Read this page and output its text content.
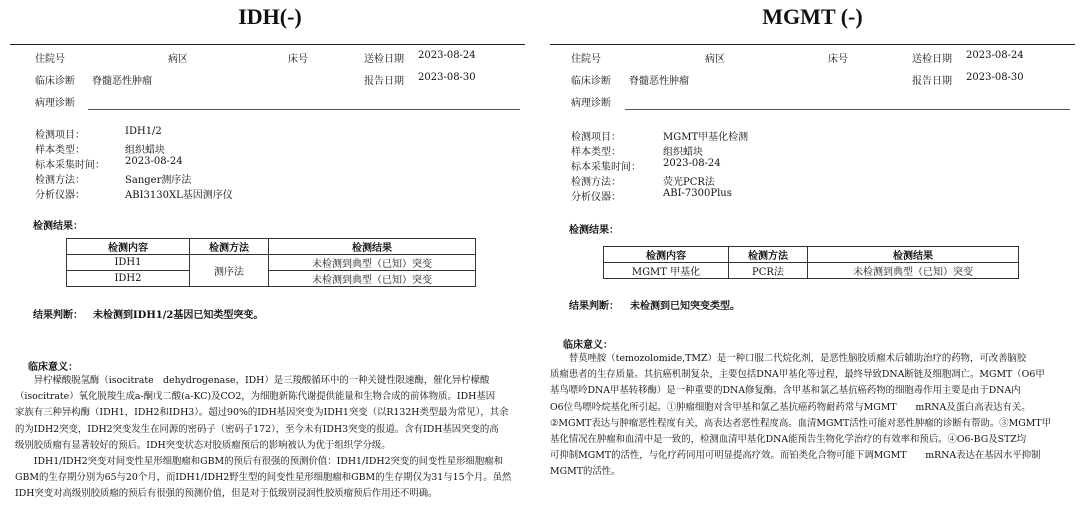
IDH(-)
住院号	病区	床号	送检日期 2023-08-24
临床诊断 脊髓恶性肿瘤	报告日期 2023-08-30
病理诊断
检测项目：	IDH1/2
样本类型：	组织蜡块
标本采集时间： 2023-08-24
检测方法：	Sanger测序法
分析仪器：	ABI3130XL基因测序仪
检测结果：
检测内容	检测方法	检测结果
IDH1	测序法	未检测到典型（已知）突变
IDH2		未检测到典型（已知）突变
结果判断： 未检测到IDH1/2基因已知类型突变。
临床意义：

异柠檬酸脱氢酶（isocitrate　dehydrogenase，IDH）是三羧酸循环中的一种关键性限速酶，催化异柠檬酸

（isocitrate）氧化脱羧生成a-酮戊二酸(a-KC)及CO2，为细胞新陈代谢提供能量和生物合成的前体物质。IDH基因
家族有三种异构酶（IDH1，IDH2和IDH3）。超过90%的IDH基因突变为IDH1突变（以R132H类型最为常见），其余
的为IDH2突变，IDH2突变发生在同源的密码子（密码子172），至今未有IDH3突变的报道。含有IDH基因突变的高
级别胶质瘤有显著较好的预后。IDH突变状态对胶质瘤预后的影响被认为优于组织学分级。

IDH1/IDH2突变对间变性星形细胞瘤和GBM的预后有很强的预测价值：IDH1/IDH2突变的间变性星形细胞瘤和

GBM的生存期分别为65与20个月，而IDH1/IDH2野生型的间变性星形细胞瘤和GBM的生存期仅为31与15个月。虽然
IDH突变对高级别胶质瘤的预后有很强的预测价值，但是对于低级别浸润性胶质瘤预后作用还不明确。
MGMT (-)
住院号	病区	床号	送检日期 2023-08-24
临床诊断 脊髓恶性肿瘤	报告日期 2023-08-30
病理诊断
检测项目：	MGMT甲基化检测
样本类型：	组织蜡块
标本采集时间： 2023-08-24
检测方法：	荧光PCR法
分析仪器：	ABI-7300Plus
检测结果：
检测内容	检测方法	检测结果
MGMT 甲基化	PCR法	未检测到典型（已知）突变
结果判断： 未检测到已知突变类型。
临床意义：

替莫唑胺（temozolomide,TMZ）是一种口服二代烷化剂，是恶性脑胶质瘤术后辅助治疗的药物，可改善脑胶

质瘤患者的生存质量。其抗癌机制复杂，主要包括DNA甲基化等过程，最终导致DNA断链及细胞凋亡。MGMT（O6甲
基鸟嘌呤DNA甲基转移酶）是一种重要的DNA修复酶。含甲基和氯乙基抗癌药物的细胞毒作用主要是由于DNA内
O6位鸟嘌呤烷基化所引起。①肿瘤细胞对含甲基和氯乙基抗癌药物耐药常与MGMT　　mRNA及蛋白高表达有关。
②MGMT表达与肿瘤恶性程度有关，高表达者恶性程度高。血清MGMT活性可能对恶性肿瘤的诊断有帮助。③MGMT甲
基化情况在肿瘤和血清中是一致的，检测血清甲基化DNA能预告生物化学治疗的有效率和预后。④O6-BG及STZ均
可抑制MGMT的活性，与化疗药同用可明显提高疗效。而铂类化合物可能下调MGMT　　mRNA表达在基因水平抑制
MGMT的活性。
